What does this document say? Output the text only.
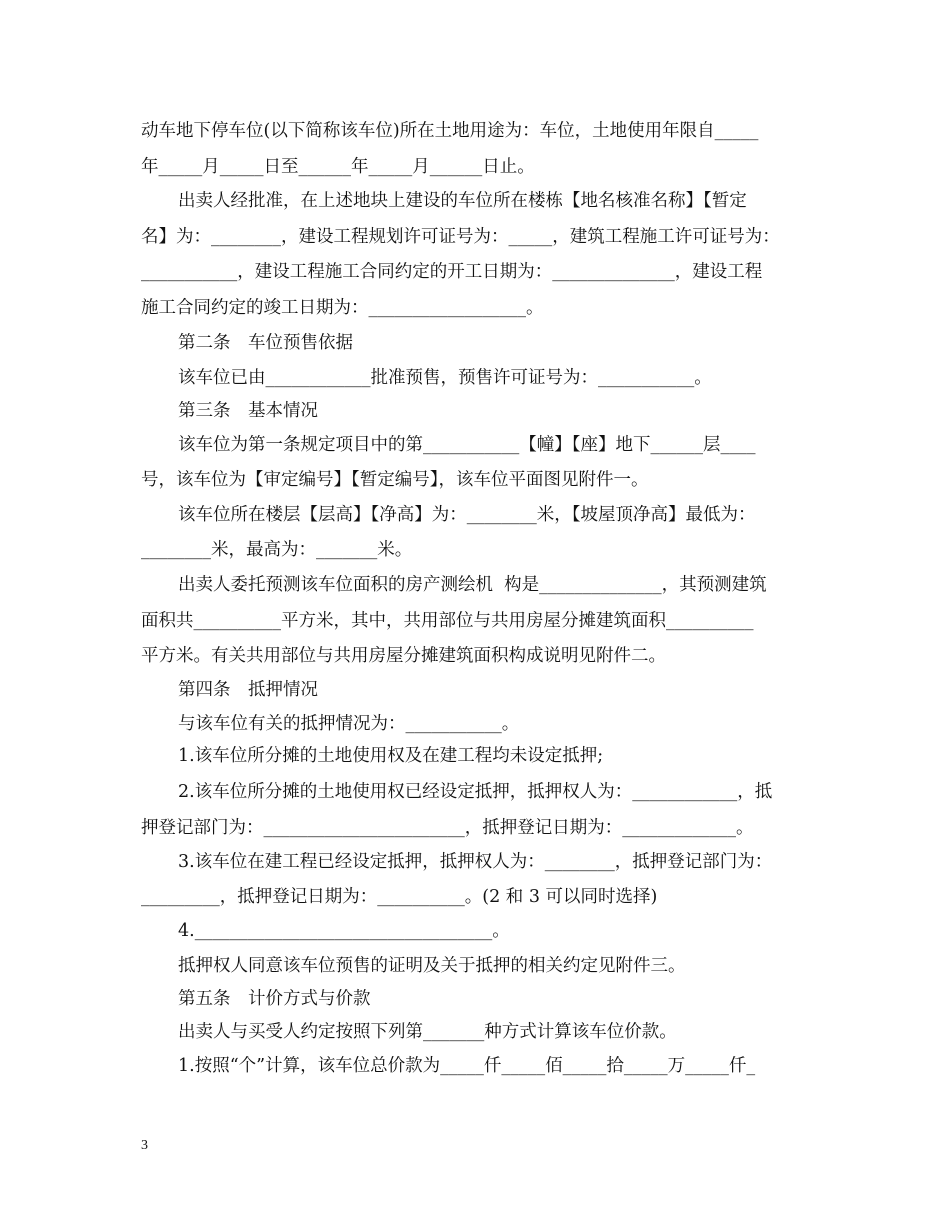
动车地下停车位(以下简称该车位)所在土地用途为：车位，土地使用年限自_____
年_____月_____日至______年_____月______日止。
出卖人经批准，在上述地块上建设的车位所在楼栋【地名核准名称】【暂定
名】为：________，建设工程规划许可证号为：_____，建筑工程施工许可证号为：
___________，建设工程施工合同约定的开工日期为：______________，建设工程
施工合同约定的竣工日期为：__________________。
第二条　车位预售依据
该车位已由____________批准预售，预售许可证号为：___________。
第三条　基本情况
该车位为第一条规定项目中的第___________【幢】【座】地下______层____
号，该车位为【审定编号】【暂定编号】，该车位平面图见附件一。
该车位所在楼层【层高】【净高】为：________米，【坡屋顶净高】最低为：
________米，最高为：_______米。
出卖人委托预测该车位面积的房产测绘机  构是______________，其预测建筑
面积共__________平方米，其中，共用部位与共用房屋分摊建筑面积__________
平方米。有关共用部位与共用房屋分摊建筑面积构成说明见附件二。
第四条　抵押情况
与该车位有关的抵押情况为：___________。
1.该车位所分摊的土地使用权及在建工程均未设定抵押;
2.该车位所分摊的土地使用权已经设定抵押，抵押权人为：____________，抵
押登记部门为：_______________________，抵押登记日期为：_____________。
3.该车位在建工程已经设定抵押，抵押权人为：________，抵押登记部门为：
_________，抵押登记日期为：__________。(2 和 3 可以同时选择)
4.__________________________________。
抵押权人同意该车位预售的证明及关于抵押的相关约定见附件三。
第五条　计价方式与价款
出卖人与买受人约定按照下列第_______种方式计算该车位价款。
1.按照“个”计算，该车位总价款为_____仟_____佰_____拾_____万_____仟_
3
